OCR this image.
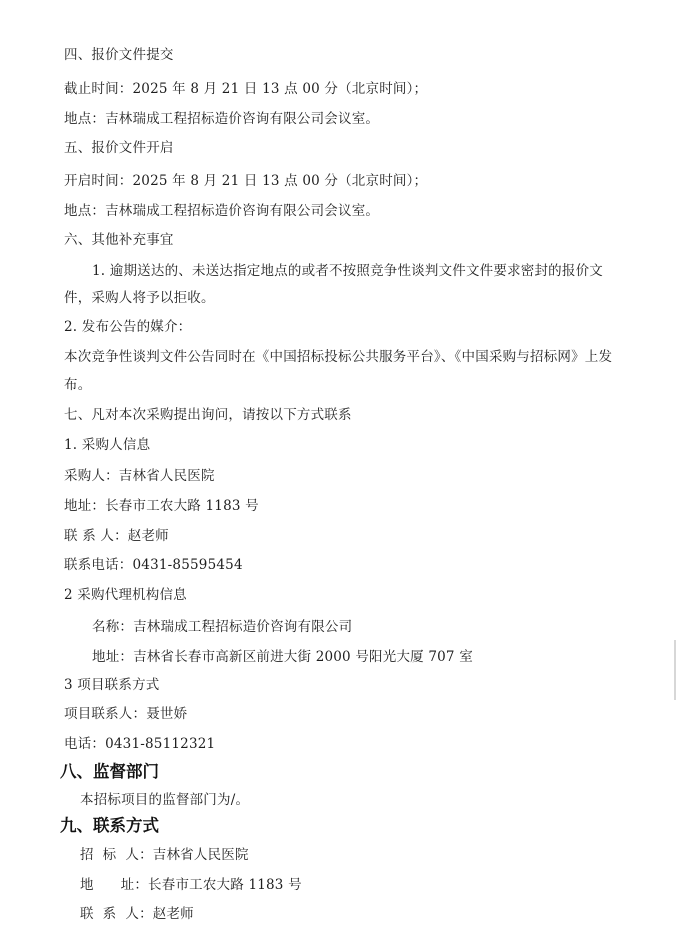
四、报价文件提交
截止时间：2025 年 8 月 21 日 13 点 00 分（北京时间）；
地点：吉林瑞成工程招标造价咨询有限公司会议室。
五、报价文件开启
开启时间：2025 年 8 月 21 日 13 点 00 分（北京时间）；
地点：吉林瑞成工程招标造价咨询有限公司会议室。
六、其他补充事宜
1. 逾期送达的、未送达指定地点的或者不按照竞争性谈判文件文件要求密封的报价文
件，采购人将予以拒收。
2. 发布公告的媒介：
本次竞争性谈判文件公告同时在《中国招标投标公共服务平台》、《中国采购与招标网》上发
布。
七、凡对本次采购提出询问，请按以下方式联系
1. 采购人信息
采购人：吉林省人民医院
地址：长春市工农大路 1183 号
联 系 人：赵老师
联系电话：0431-85595454
2 采购代理机构信息
名称：吉林瑞成工程招标造价咨询有限公司
地址：吉林省长春市高新区前进大街 2000 号阳光大厦 707 室
3 项目联系方式
项目联系人：聂世娇
电话：0431-85112321
八、监督部门
本招标项目的监督部门为/。
九、联系方式
招  标  人：吉林省人民医院
地      址：长春市工农大路 1183 号
联  系  人：赵老师
